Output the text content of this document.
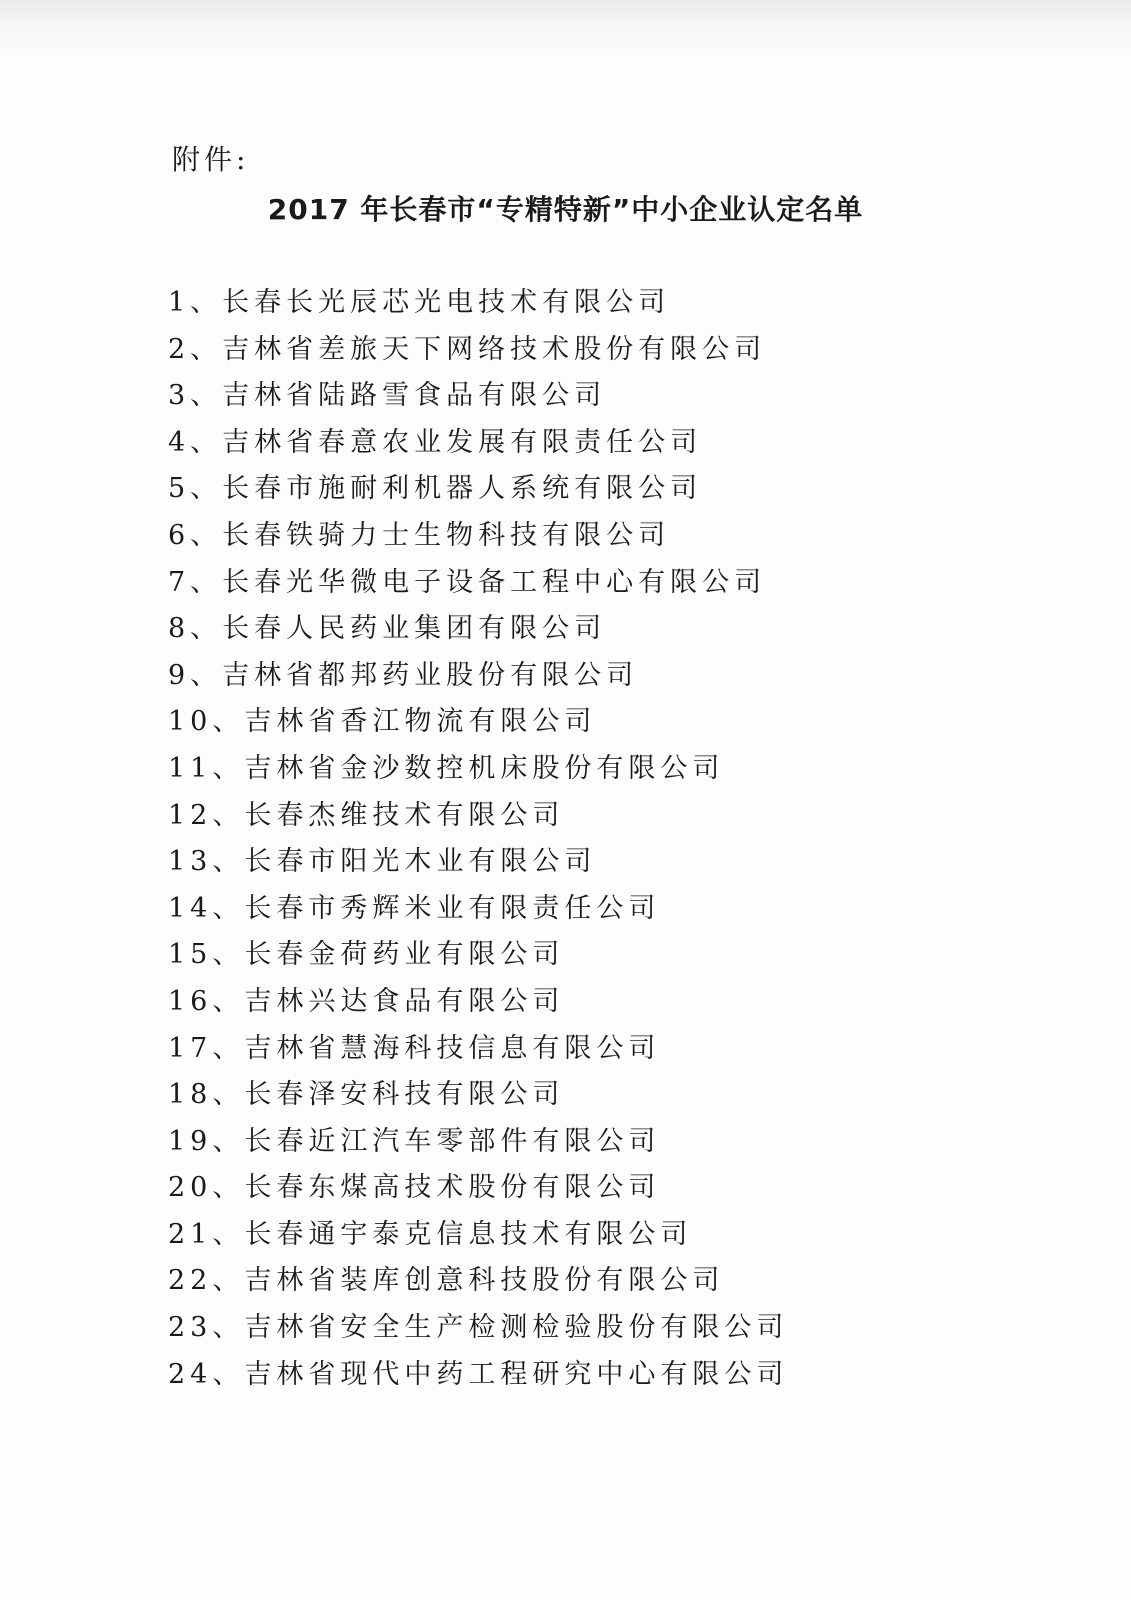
附件:
2017 年长春市“专精特新”中小企业认定名单
1、长春长光辰芯光电技术有限公司
2、吉林省差旅天下网络技术股份有限公司
3、吉林省陆路雪食品有限公司
4、吉林省春意农业发展有限责任公司
5、长春市施耐利机器人系统有限公司
6、长春铁骑力士生物科技有限公司
7、长春光华微电子设备工程中心有限公司
8、长春人民药业集团有限公司
9、吉林省都邦药业股份有限公司
10、吉林省香江物流有限公司
11、吉林省金沙数控机床股份有限公司
12、长春杰维技术有限公司
13、长春市阳光木业有限公司
14、长春市秀辉米业有限责任公司
15、长春金荷药业有限公司
16、吉林兴达食品有限公司
17、吉林省慧海科技信息有限公司
18、长春泽安科技有限公司
19、长春近江汽车零部件有限公司
20、长春东煤高技术股份有限公司
21、长春通宇泰克信息技术有限公司
22、吉林省装库创意科技股份有限公司
23、吉林省安全生产检测检验股份有限公司
24、吉林省现代中药工程研究中心有限公司
